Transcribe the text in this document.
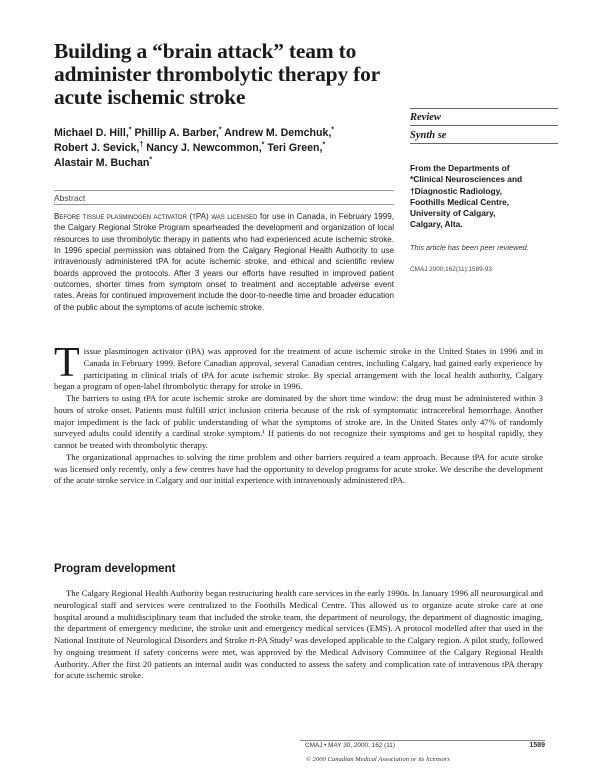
Building a “brain attack” team to administer thrombolytic therapy for acute ischemic stroke

Michael D. Hill,* Phillip A. Barber,* Andrew M. Demchuk,*
Robert J. Sevick,† Nancy J. Newcommon,* Teri Green,*
Alastair M. Buchan*

Abstract

Before tissue plasminogen activator (tPA) was licensed for use in Canada, in February 1999, the Calgary Regional Stroke Program spearheaded the development and organization of local resources to use thrombolytic therapy in patients who had experienced acute ischemic stroke. In 1996 special permission was obtained from the Calgary Regional Health Authority to use intravenously administered tPA for acute ischemic stroke, and ethical and scientific review boards approved the protocols. After 3 years our efforts have resulted in improved patient outcomes, shorter times from symptom onset to treatment and acceptable adverse event rates. Areas for continued improvement include the door-to-needle time and broader education of the public about the symptoms of acute ischemic stroke.

Review

Synth se

From the Departments of
*Clinical Neurosciences and
†Diagnostic Radiology,
Foothills Medical Centre,
University of Calgary,
Calgary, Alta.

This article has been peer reviewed.

CMAJ 2000;162(11):1589-93

Tissue plasminogen activator (tPA) was approved for the treatment of acute ischemic stroke in the United States in 1996 and in Canada in February 1999. Before Canadian approval, several Canadian centres, including Calgary, had gained early experience by participating in clinical trials of tPA for acute ischemic stroke. By special arrangement with the local health authority, Calgary began a program of open-label thrombolytic therapy for stroke in 1996.

The barriers to using tPA for acute ischemic stroke are dominated by the short time window: the drug must be administered within 3 hours of stroke onset. Patients must fulfill strict inclusion criteria because of the risk of symptomatic intracerebral hemorrhage. Another major impediment is the lack of public understanding of what the symptoms of stroke are. In the United States only 47% of randomly surveyed adults could identify a cardinal stroke symptom.¹ If patients do not recognize their symptoms and get to hospital rapidly, they cannot be treated with thrombolytic therapy.

The organizational approaches to solving the time problem and other barriers required a team approach. Because tPA for acute stroke was licensed only recently, only a few centres have had the opportunity to develop programs for acute stroke. We describe the development of the acute stroke service in Calgary and our initial experience with intravenously administered tPA.

Program development

The Calgary Regional Health Authority began restructuring health care services in the early 1990s. In January 1996 all neurosurgical and neurological staff and services were centralized to the Foothills Medical Centre. This allowed us to organize acute stroke care at one hospital around a multidisciplinary team that included the stroke team, the department of neurology, the department of diagnostic imaging, the department of emergency medicine, the stroke unit and emergency medical services (EMS). A protocol modelled after that used in the National Institute of Neurological Disorders and Stroke rt-PA Study² was developed applicable to the Calgary region. A pilot study, followed by ongoing treatment if safety concerns were met, was approved by the Medical Advisory Committee of the Calgary Regional Health Authority. After the first 20 patients an internal audit was conducted to assess the safety and complication rate of intravenous tPA therapy for acute ischemic stroke.

CMAJ • MAY 30, 2000; 162 (11)	1589

© 2000 Canadian Medical Association or its licensors
